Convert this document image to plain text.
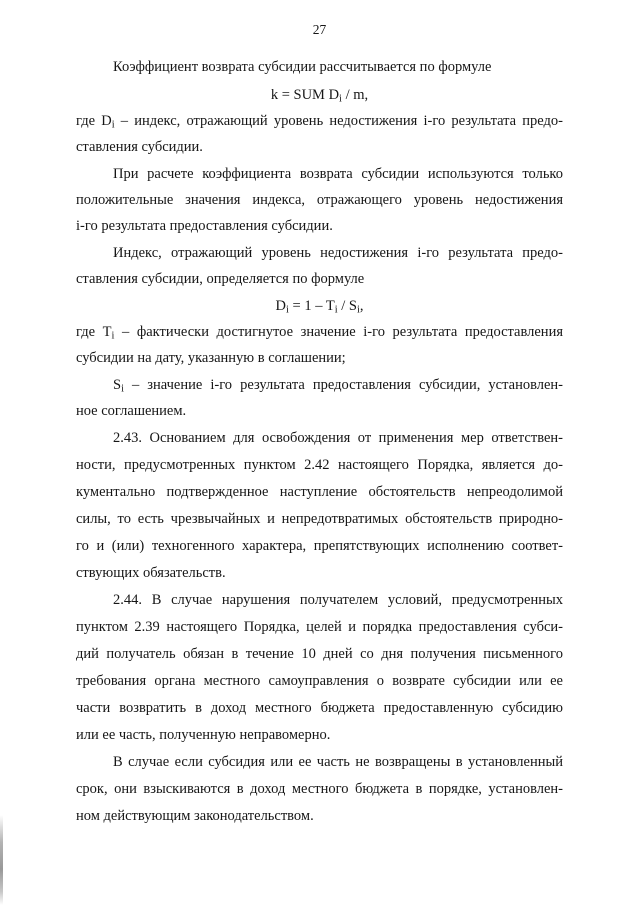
27
Коэффициент возврата субсидии рассчитывается по формуле
k = SUM $D_i$ / m,
где $D_i$ – индекс, отражающий уровень недостижения i-го результата предо-
ставления субсидии.
При расчете коэффициента возврата субсидии используются только
положительные значения индекса, отражающего уровень недостижения
i-го результата предоставления субсидии.
Индекс, отражающий уровень недостижения i-го результата предо-
ставления субсидии, определяется по формуле
$D_i = 1 - T_i / S_i$,
где $T_i$ – фактически достигнутое значение i-го результата предоставления
субсидии на дату, указанную в соглашении;
$S_i$ – значение i-го результата предоставления субсидии, установлен-
ное соглашением.
2.43. Основанием для освобождения от применения мер ответствен-
ности, предусмотренных пунктом 2.42 настоящего Порядка, является до-
кументально подтвержденное наступление обстоятельств непреодолимой
силы, то есть чрезвычайных и непредотвратимых обстоятельств природно-
го и (или) техногенного характера, препятствующих исполнению соответ-
ствующих обязательств.
2.44. В случае нарушения получателем условий, предусмотренных
пунктом 2.39 настоящего Порядка, целей и порядка предоставления субси-
дий получатель обязан в течение 10 дней со дня получения письменного
требования органа местного самоуправления о возврате субсидии или ее
части возвратить в доход местного бюджета предоставленную субсидию
или ее часть, полученную неправомерно.
В случае если субсидия или ее часть не возвращены в установленный
срок, они взыскиваются в доход местного бюджета в порядке, установлен-
ном действующим законодательством.
